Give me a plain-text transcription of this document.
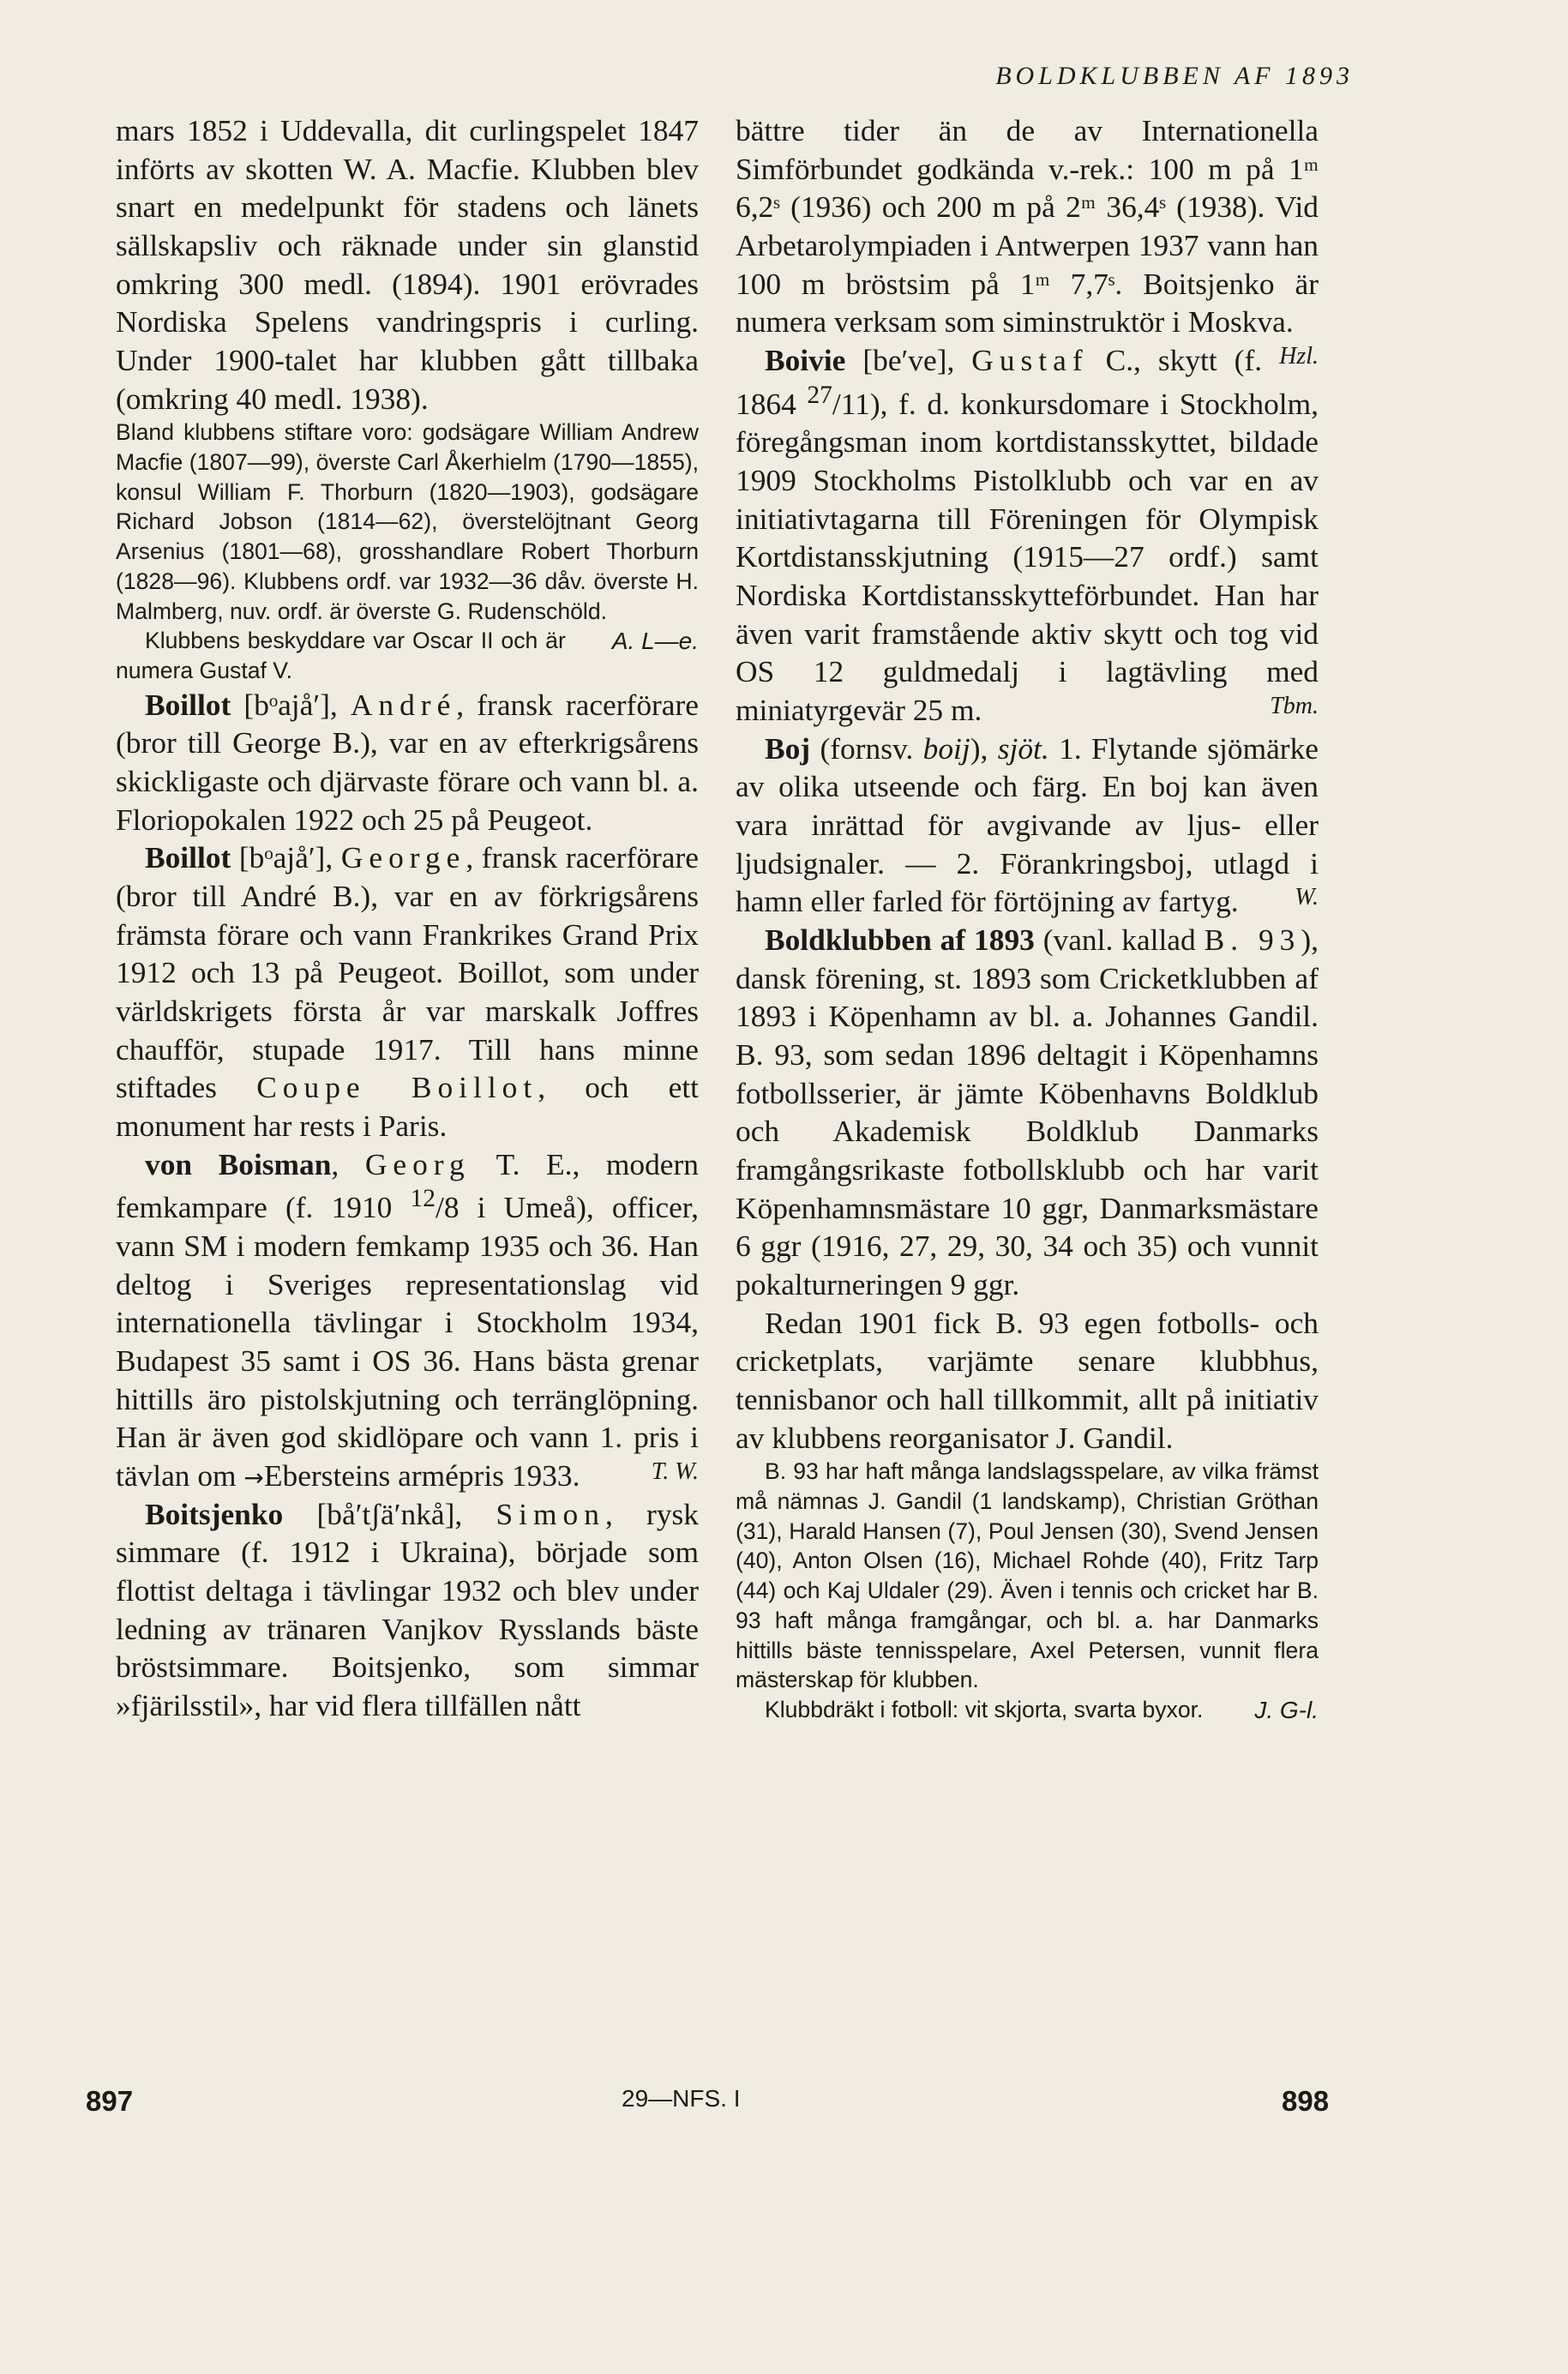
BOLDKLUBBEN AF 1893

mars 1852 i Uddevalla, dit curlingspelet 1847 införts av skotten W. A. Macfie. Klubben blev snart en medelpunkt för stadens och länets sällskapsliv och räknade under sin glanstid omkring 300 medl. (1894). 1901 erövrades Nordiska Spelens vandringspris i curling. Under 1900-talet har klubben gått tillbaka (omkring 40 medl. 1938).

Bland klubbens stiftare voro: godsägare William Andrew Macfie (1807—99), överste Carl Åkerhielm (1790—1855), konsul William F. Thorburn (1820—1903), godsägare Richard Jobson (1814—62), överstelöjtnant Georg Arsenius (1801—68), grosshandlare Robert Thorburn (1828—96). Klubbens ordf. var 1932—36 dåv. överste H. Malmberg, nuv. ordf. är överste G. Rudenschöld.

A. L—e.
Klubbens beskyddare var Oscar II och är numera Gustaf V.

Boillot [bᵒajå′], André, fransk racerförare (bror till George B.), var en av efterkrigsårens skickligaste och djärvaste förare och vann bl. a. Floriopokalen 1922 och 25 på Peugeot.

Boillot [bᵒajå′], George, fransk racerförare (bror till André B.), var en av förkrigsårens främsta förare och vann Frankrikes Grand Prix 1912 och 13 på Peugeot. Boillot, som under världskrigets första år var marskalk Joffres chaufför, stupade 1917. Till hans minne stiftades Coupe Boillot, och ett monument har rests i Paris.

von Boisman, Georg T. E., modern femkampare (f. 1910 $^{12}$/8 i Umeå), officer, vann SM i modern femkamp 1935 och 36. Han deltog i Sveriges representationslag vid internationella tävlingar i Stockholm 1934, Budapest 35 samt i OS 36. Hans bästa grenar hittills äro pistolskjutning och terränglöpning. Han är även god skidlöpare och vann 1. pris i tävlan om →Ebersteins armépris 1933.	T. W.

Boitsjenko [bå′tʃä′nkå], Simon, rysk simmare (f. 1912 i Ukraina), började som flottist deltaga i tävlingar 1932 och blev under ledning av tränaren Vanjkov Rysslands bäste bröstsimmare. Boitsjenko, som simmar »fjärilsstil», har vid flera tillfällen nått

bättre tider än de av Internationella Simförbundet godkända v.-rek.: 100 m på 1ᵐ 6,2ˢ (1936) och 200 m på 2ᵐ 36,4ˢ (1938). Vid Arbetarolympiaden i Antwerpen 1937 vann han 100 m bröstsim på 1ᵐ 7,7ˢ. Boitsjenko är numera verksam som siminstruktör i Moskva.
Hzl.

Boivie [be′ve], Gustaf C., skytt (f. 1864 $^{27}$/11), f. d. konkursdomare i Stockholm, föregångsman inom kortdistansskyttet, bildade 1909 Stockholms Pistolklubb och var en av initiativtagarna till Föreningen för Olympisk Kortdistansskjutning (1915—27 ordf.) samt Nordiska Kortdistansskytteförbundet. Han har även varit framstående aktiv skytt och tog vid OS 12 guldmedalj i lagtävling med miniatyrgevär 25 m.	Tbm.

Boj (fornsv. boij), sjöt. 1. Flytande sjömärke av olika utseende och färg. En boj kan även vara inrättad för avgivande av ljus- eller ljudsignaler. — 2. Förankringsboj, utlagd i hamn eller farled för förtöjning av fartyg.	W.

Boldklubben af 1893 (vanl. kallad B. 93), dansk förening, st. 1893 som Cricketklubben af 1893 i Köpenhamn av bl. a. Johannes Gandil. B. 93, som sedan 1896 deltagit i Köpenhamns fotbollsserier, är jämte Köbenhavns Boldklub och Akademisk Boldklub Danmarks framgångsrikaste fotbollsklubb och har varit Köpenhamnsmästare 10 ggr, Danmarksmästare 6 ggr (1916, 27, 29, 30, 34 och 35) och vunnit pokalturneringen 9 ggr.

Redan 1901 fick B. 93 egen fotbolls- och cricketplats, varjämte senare klubbhus, tennisbanor och hall tillkommit, allt på initiativ av klubbens reorganisator J. Gandil.

B. 93 har haft många landslagsspelare, av vilka främst må nämnas J. Gandil (1 landskamp), Christian Gröthan (31), Harald Hansen (7), Poul Jensen (30), Svend Jensen (40), Anton Olsen (16), Michael Rohde (40), Fritz Tarp (44) och Kaj Uldaler (29). Även i tennis och cricket har B. 93 haft många framgångar, och bl. a. har Danmarks hittills bäste tennisspelare, Axel Petersen, vunnit flera mästerskap för klubben.

Klubbdräkt i fotboll: vit skjorta, svarta byxor.	J. G-l.

897	29—NFS. I	898
